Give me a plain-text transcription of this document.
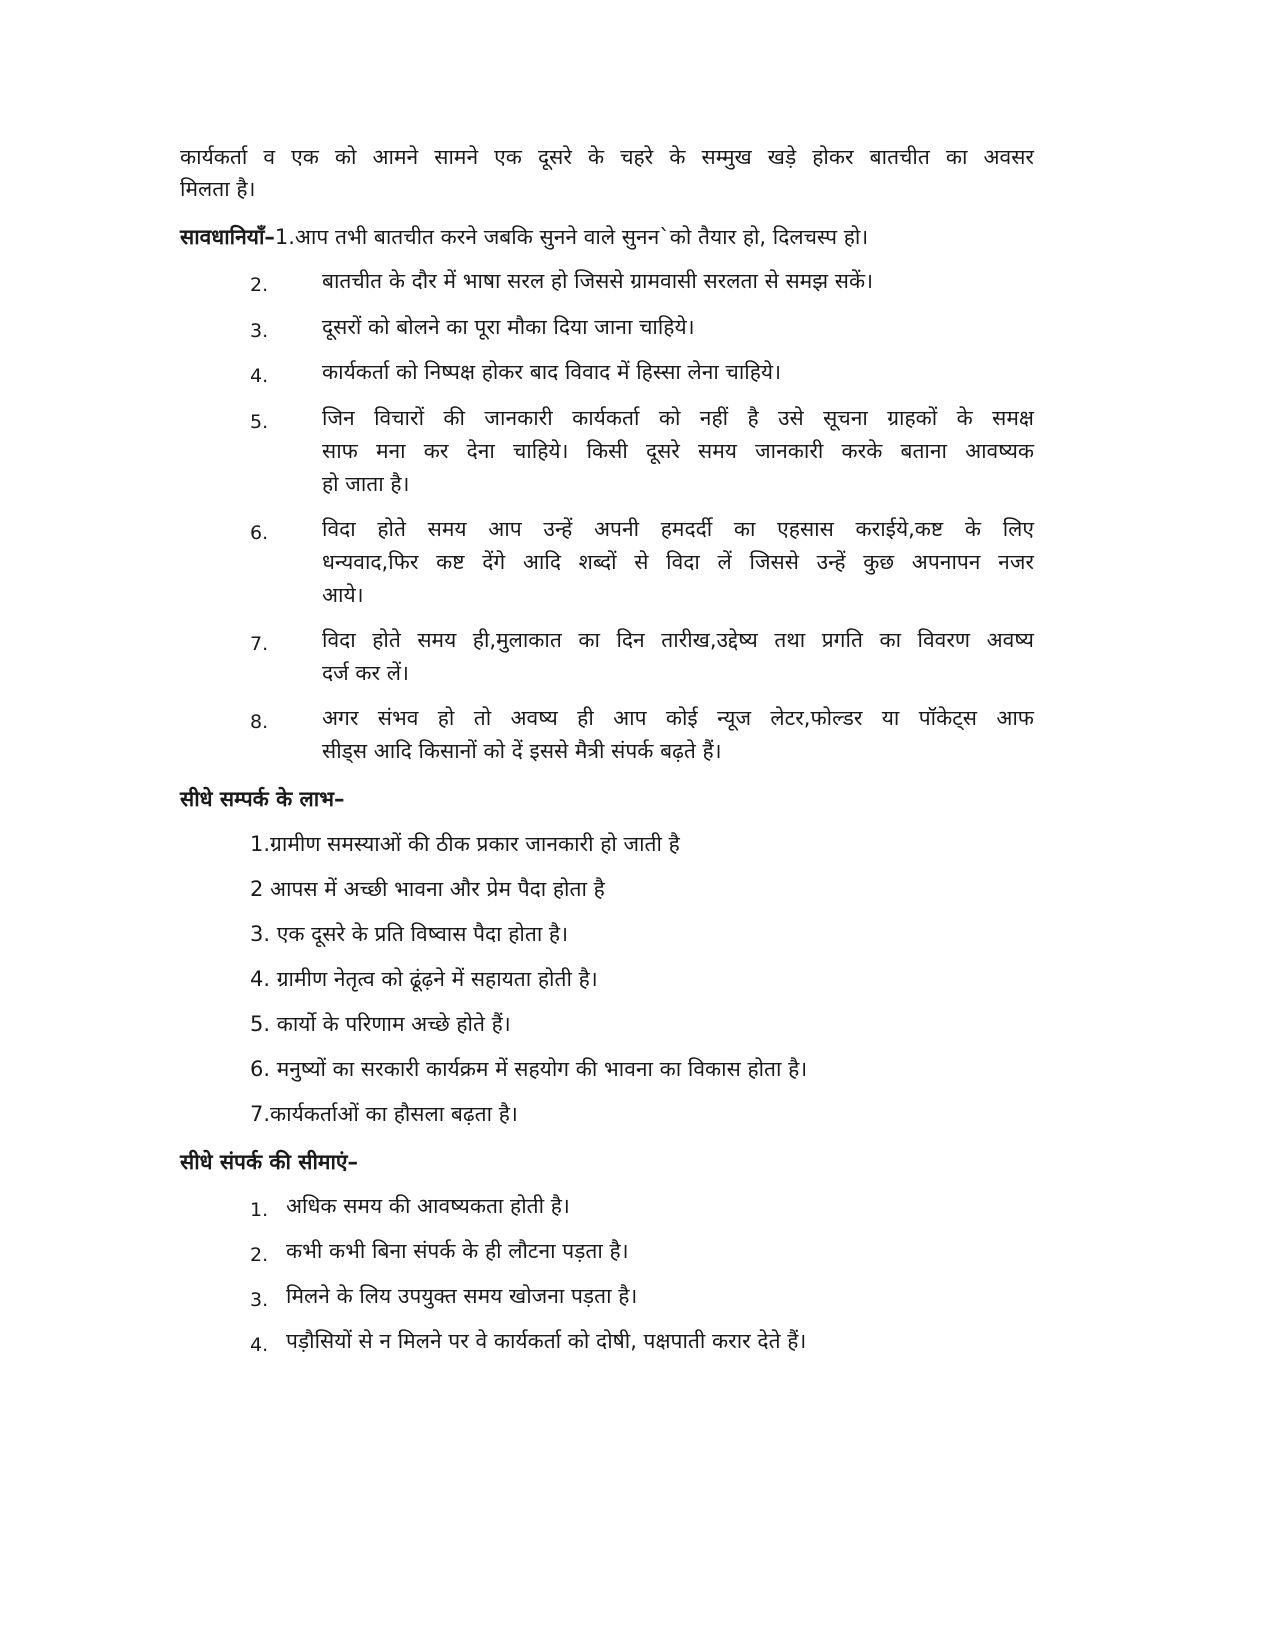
कार्यकर्ता व एक को आमने सामने एक दूसरे के चहरे के सम्मुख खड़े होकर बातचीत का अवसर
मिलता है।
सावधानियाँ–1.आप तभी बातचीत करने जबकि सुनने वाले सुनन`को तैयार हो, दिलचस्प हो।
2.	बातचीत के दौर में भाषा सरल हो जिससे ग्रामवासी सरलता से समझ सकें।
3.	दूसरों को बोलने का पूरा मौका दिया जाना चाहिये।
4.	कार्यकर्ता को निष्पक्ष होकर बाद विवाद में हिस्सा लेना चाहिये।
5.	जिन विचारों की जानकारी कार्यकर्ता को नहीं है उसे सूचना ग्राहकों के समक्ष
साफ मना कर देना चाहिये। किसी दूसरे समय जानकारी करके बताना आवष्यक
हो जाता है।
6.	विदा होते समय आप उन्हें अपनी हमदर्दी का एहसास कराईये,कष्ट के लिए
धन्यवाद,फिर कष्ट देंगे आदि शब्दों से विदा लें जिससे उन्हें कुछ अपनापन नजर
आये।
7.	विदा होते समय ही,मुलाकात का दिन तारीख,उद्देष्य तथा प्रगति का विवरण अवष्य
दर्ज कर लें।
8.	अगर संभव हो तो अवष्य ही आप कोई न्यूज लेटर,फोल्डर या पॉकेट्स आफ
सीड्स आदि किसानों को दें इससे मैत्री संपर्क बढ़ते हैं।
सीधे सम्पर्क के लाभ–
1.ग्रामीण समस्याओं की ठीक प्रकार जानकारी हो जाती है
2 आपस में अच्छी भावना और प्रेम पैदा होता है
3. एक दूसरे के प्रति विष्वास पैदा होता है।
4. ग्रामीण नेतृत्व को ढूंढ़ने में सहायता होती है।
5. कार्यो के परिणाम अच्छे होते हैं।
6. मनुष्यों का सरकारी कार्यक्रम में सहयोग की भावना का विकास होता है।
7.कार्यकर्ताओं का हौसला बढ़ता है।
सीधे संपर्क की सीमाएं–
1. अधिक समय की आवष्यकता होती है।
2. कभी कभी बिना संपर्क के ही लौटना पड़ता है।
3. मिलने के लिय उपयुक्त समय खोजना पड़ता है।
4. पड़ौसियों से न मिलने पर वे कार्यकर्ता को दोषी, पक्षपाती करार देते हैं।
